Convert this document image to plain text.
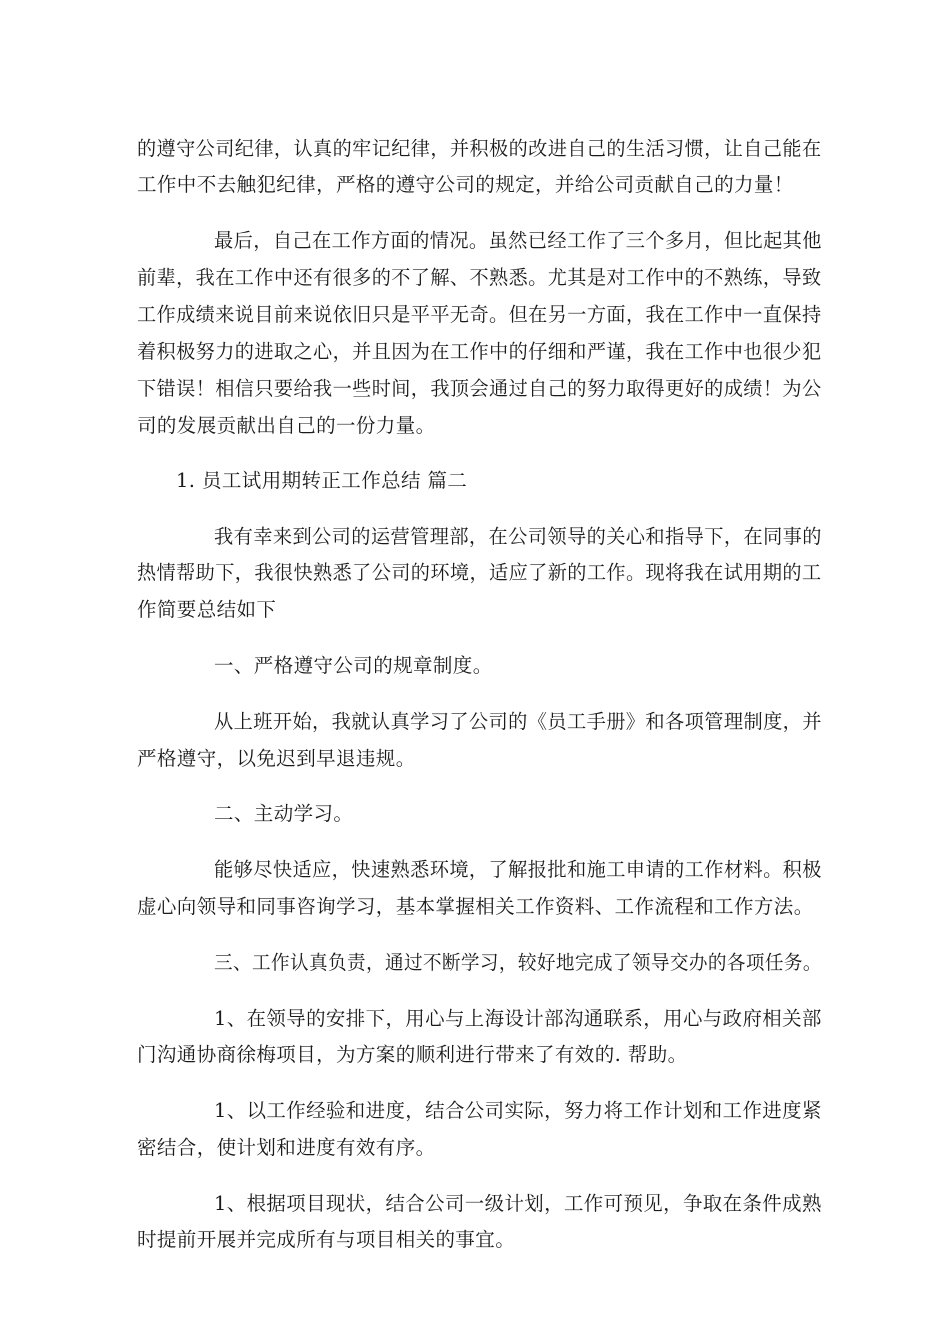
的遵守公司纪律，认真的牢记纪律，并积极的改进自己的生活习惯，让自己能在
工作中不去触犯纪律，严格的遵守公司的规定，并给公司贡献自己的力量！
最后，自己在工作方面的情况。虽然已经工作了三个多月，但比起其他
前辈，我在工作中还有很多的不了解、不熟悉。尤其是对工作中的不熟练，导致
工作成绩来说目前来说依旧只是平平无奇。但在另一方面，我在工作中一直保持
着积极努力的进取之心，并且因为在工作中的仔细和严谨，我在工作中也很少犯
下错误！相信只要给我一些时间，我顶会通过自己的努力取得更好的成绩！为公
司的发展贡献出自己的一份力量。
1. 员工试用期转正工作总结 篇二
我有幸来到公司的运营管理部，在公司领导的关心和指导下，在同事的
热情帮助下，我很快熟悉了公司的环境，适应了新的工作。现将我在试用期的工
作简要总结如下
一、严格遵守公司的规章制度。
从上班开始，我就认真学习了公司的《员工手册》和各项管理制度，并
严格遵守，以免迟到早退违规。
二、主动学习。
能够尽快适应，快速熟悉环境，了解报批和施工申请的工作材料。积极
虚心向领导和同事咨询学习，基本掌握相关工作资料、工作流程和工作方法。
三、工作认真负责，通过不断学习，较好地完成了领导交办的各项任务。
1、在领导的安排下，用心与上海设计部沟通联系，用心与政府相关部
门沟通协商徐梅项目，为方案的顺利进行带来了有效的. 帮助。
1、以工作经验和进度，结合公司实际，努力将工作计划和工作进度紧
密结合，使计划和进度有效有序。
1、根据项目现状，结合公司一级计划，工作可预见，争取在条件成熟
时提前开展并完成所有与项目相关的事宜。
